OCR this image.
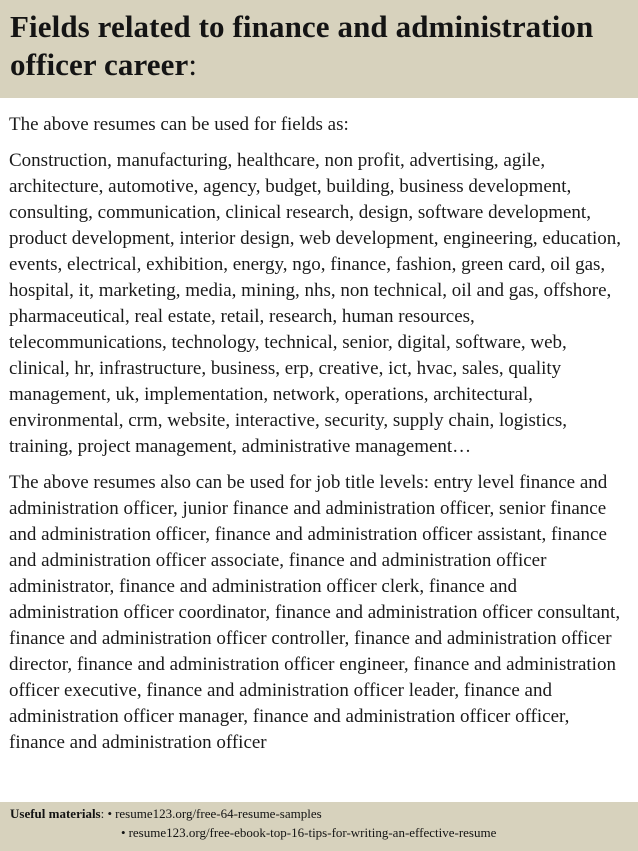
Fields related to finance and administration officer career:

The above resumes can be used for fields as:

Construction, manufacturing, healthcare, non profit, advertising, agile, architecture, automotive, agency, budget, building, business development, consulting, communication, clinical research, design, software development, product development, interior design, web development, engineering, education, events, electrical, exhibition, energy, ngo, finance, fashion, green card, oil gas, hospital, it, marketing, media, mining, nhs, non technical, oil and gas, offshore, pharmaceutical, real estate, retail, research, human resources, telecommunications, technology, technical, senior, digital, software, web, clinical, hr, infrastructure, business, erp, creative, ict, hvac, sales, quality management, uk, implementation, network, operations, architectural, environmental, crm, website, interactive, security, supply chain, logistics, training, project management, administrative management…

The above resumes also can be used for job title levels: entry level finance and administration officer, junior finance and administration officer, senior finance and administration officer, finance and administration officer assistant, finance and administration officer associate, finance and administration officer administrator, finance and administration officer clerk, finance and administration officer coordinator, finance and administration officer consultant, finance and administration officer controller, finance and administration officer director, finance and administration officer engineer, finance and administration officer executive, finance and administration officer leader, finance and administration officer manager, finance and administration officer officer, finance and administration officer

Useful materials: • resume123.org/free-64-resume-samples
• resume123.org/free-ebook-top-16-tips-for-writing-an-effective-resume
